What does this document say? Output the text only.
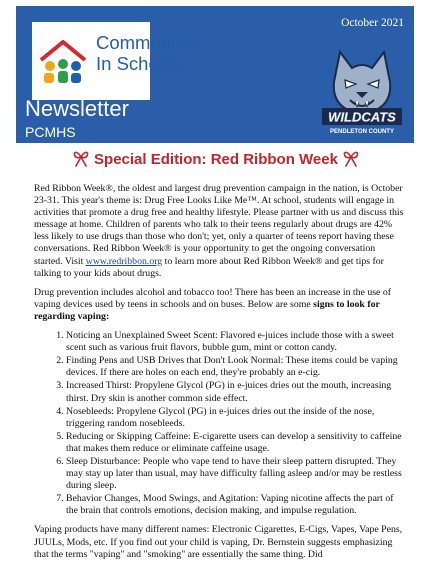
Communities
In Schools
October 2021
Newsletter
PCMHS
WILDCATS
PENDLETON COUNTY
Special Edition: Red Ribbon Week

Red Ribbon Week®, the oldest and largest drug prevention campaign in the nation, is October 23-31. This year's theme is: Drug Free Looks Like Me™. At school, students will engage in activities that promote a drug free and healthy lifestyle. Please partner with us and discuss this message at home. Children of parents who talk to their teens regularly about drugs are 42% less likely to use drugs than those who don't; yet, only a quarter of teens report having these conversations. Red Ribbon Week® is your opportunity to get the ongoing conversation started. Visit www.redribbon.org to learn more about Red Ribbon Week® and get tips for talking to your kids about drugs.

Drug prevention includes alcohol and tobacco too! There has been an increase in the use of vaping devices used by teens in schools and on buses. Below are some signs to look for regarding vaping:

1. Noticing an Unexplained Sweet Scent: Flavored e-juices include those with a sweet scent such as various fruit flavors, bubble gum, mint or cotton candy.
2. Finding Pens and USB Drives that Don't Look Normal: These items could be vaping devices. If there are holes on each end, they're probably an e-cig.
3. Increased Thirst: Propylene Glycol (PG) in e-juices dries out the mouth, increasing thirst. Dry skin is another common side effect.
4. Nosebleeds: Propylene Glycol (PG) in e-juices dries out the inside of the nose, triggering random nosebleeds.
5. Reducing or Skipping Caffeine: E-cigarette users can develop a sensitivity to caffeine that makes them reduce or eliminate caffeine usage.
6. Sleep Disturbance: People who vape tend to have their sleep pattern disrupted. They may stay up later than usual, may have difficulty falling asleep and/or may be restless during sleep.
7. Behavior Changes, Mood Swings, and Agitation: Vaping nicotine affects the part of the brain that controls emotions, decision making, and impulse regulation.

Vaping products have many different names: Electronic Cigarettes, E-Cigs, Vapes, Vape Pens, JUULs, Mods, etc. If you find out your child is vaping, Dr. Bernstein suggests emphasizing that the terms "vaping" and "smoking" are essentially the same thing. Did
